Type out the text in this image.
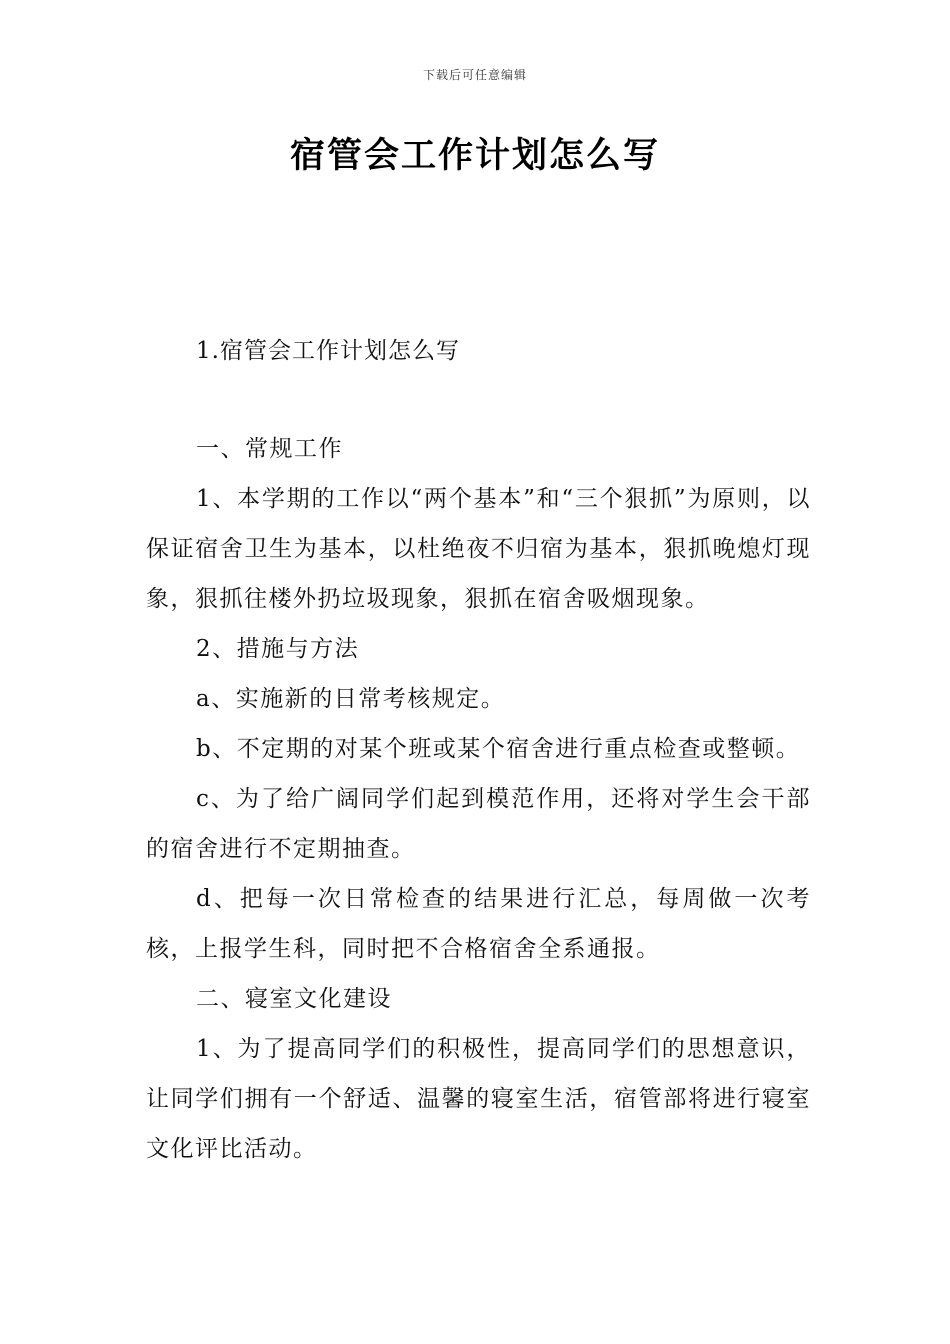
下载后可任意编辑
宿管会工作计划怎么写

1.宿管会工作计划怎么写

一、常规工作

1、本学期的工作以“两个基本”和“三个狠抓”为原则，以保证宿舍卫生为基本，以杜绝夜不归宿为基本，狠抓晚熄灯现象，狠抓往楼外扔垃圾现象，狠抓在宿舍吸烟现象。

2、措施与方法

a、实施新的日常考核规定。

b、不定期的对某个班或某个宿舍进行重点检查或整顿。

c、为了给广阔同学们起到模范作用，还将对学生会干部的宿舍进行不定期抽查。

d、把每一次日常检查的结果进行汇总，每周做一次考核，上报学生科，同时把不合格宿舍全系通报。

二、寝室文化建设

1、为了提高同学们的积极性，提高同学们的思想意识，让同学们拥有一个舒适、温馨的寝室生活，宿管部将进行寝室文化评比活动。
